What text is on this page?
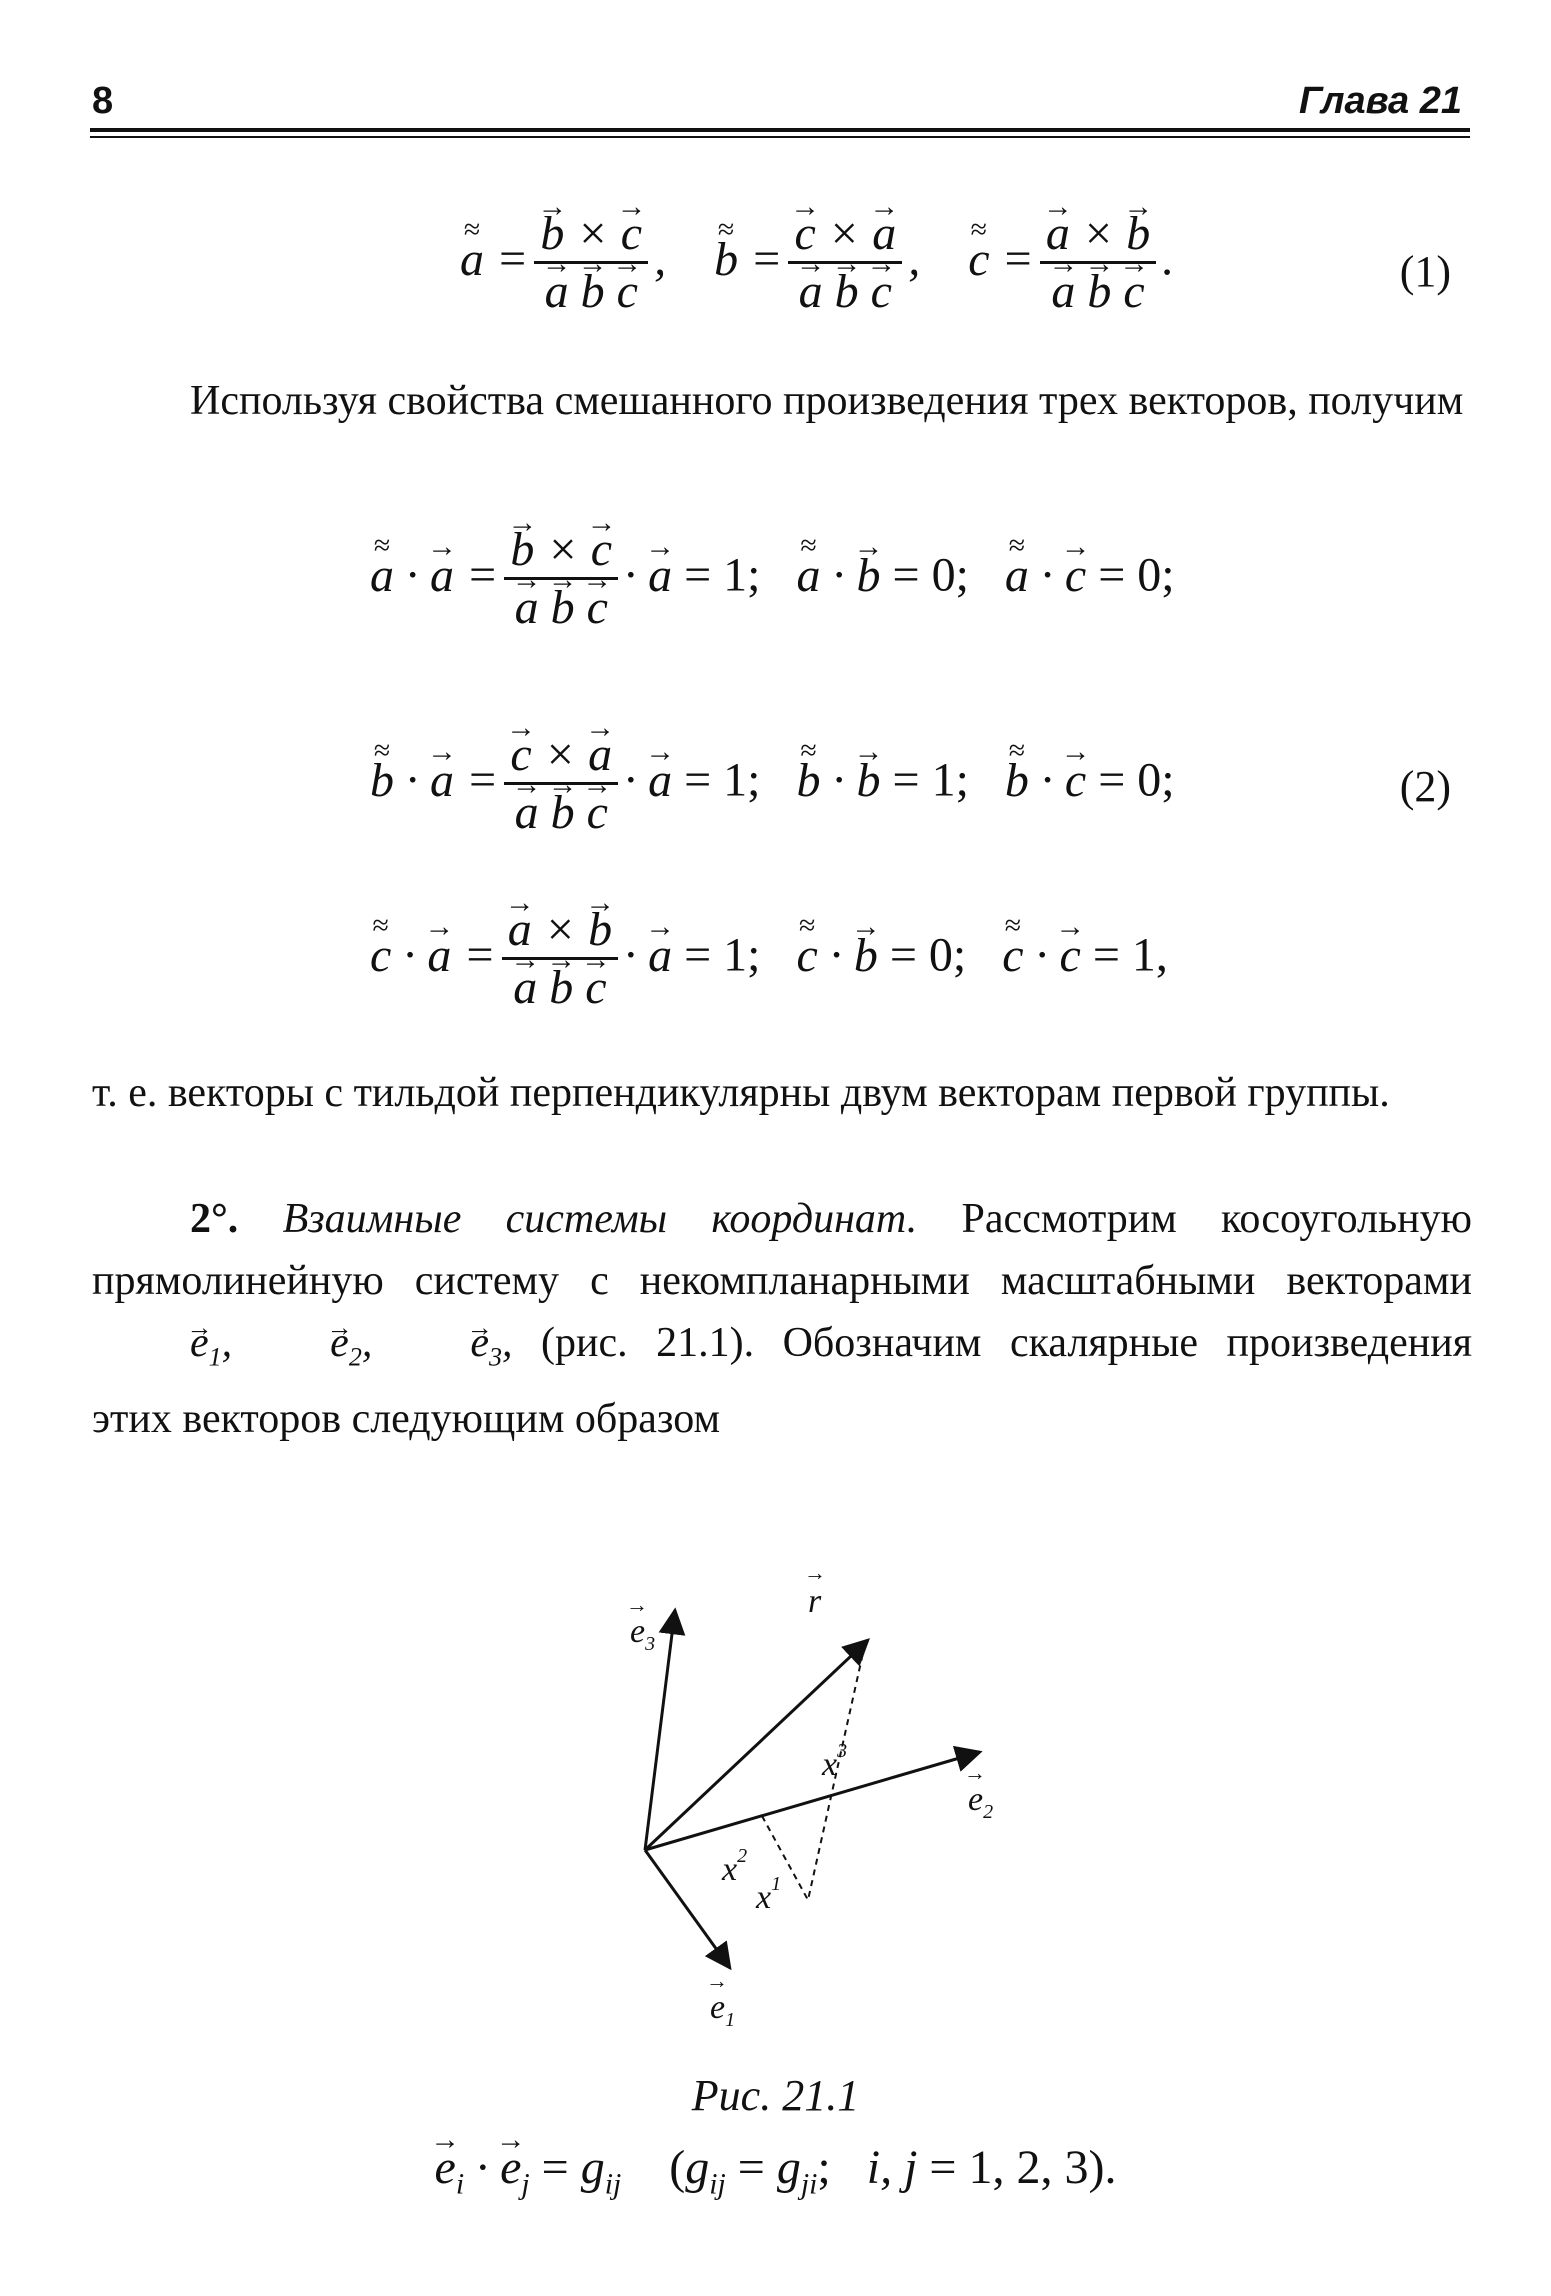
8	Глава 21
≈ a =
→ b × → c
→ a → b → c ,    ≈ b =
→ c × → a
→ a → b → c ,    ≈ c =
→ a × → b
→ a → b → c .	(1)
Используя свойства смешанного произведения трех векторов, получим
≈ a · → a =
→ b × → c
→ a → b → c · → a = 1;   ≈ a · → b = 0;   ≈ a · → c = 0;
≈ b · → a =
→ c × → a
→ a → b → c · → a = 1;   ≈ b · → b = 1;   ≈ b · → c = 0;	(2)
≈ c · → a =
→ a × → b
→ a → b → c · → a = 1;   ≈ c · → b = 0;   ≈ c · → c = 1,
т. е. векторы с тильдой перпендикулярны двум векторам первой группы.
2°. Взаимные системы координат. Рассмотрим косоугольную прямолинейную систему с некомпланарными масштабными векторами → $e_1,\to e_2,\to e_3$, (рис. 21.1). Обозначим скалярные произведения этих векторов следующим образом
$e_3$
→	r
→
$x^3$
$e_2$
→
$x^2$
$x^1$
$e_1$
→
Рис. 21.1
→ $e_i$ · → $e_j = g_{ij}$ ($g_{ij} = g_{ji}$;   i, j = 1, 2, 3).
